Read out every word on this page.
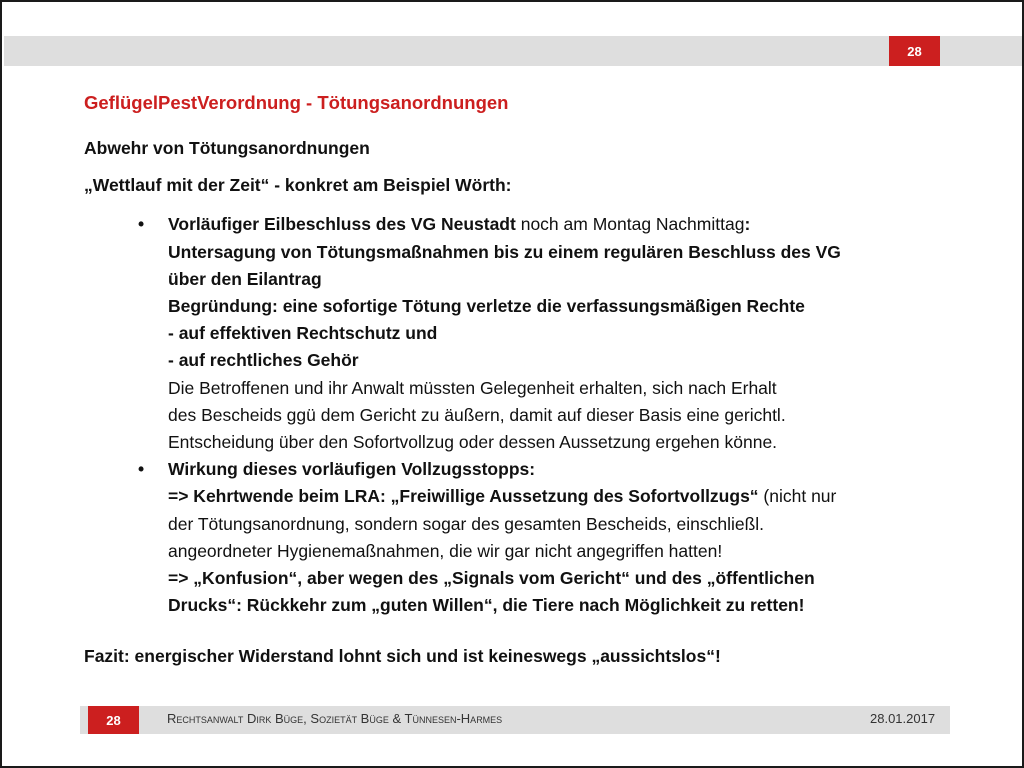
28
GeflügelPestVerordnung - Tötungsanordnungen

Abwehr von Tötungsanordnungen

„Wettlauf mit der Zeit“ - konkret am Beispiel Wörth:

• Vorläufiger Eilbeschluss des VG Neustadt noch am Montag Nachmittag:
Untersagung von Tötungsmaßnahmen bis zu einem regulären Beschluss des VG
über den Eilantrag
Begründung: eine sofortige Tötung verletze die verfassungsmäßigen Rechte
- auf effektiven Rechtschutz und
- auf rechtliches Gehör
Die Betroffenen und ihr Anwalt müssten Gelegenheit erhalten, sich nach Erhalt
des Bescheids ggü dem Gericht zu äußern, damit auf dieser Basis eine gerichtl.
Entscheidung über den Sofortvollzug oder dessen Aussetzung ergehen könne.
• Wirkung dieses vorläufigen Vollzugsstopps:
=> Kehrtwende beim LRA: „Freiwillige Aussetzung des Sofortvollzugs“ (nicht nur
der Tötungsanordnung, sondern sogar des gesamten Bescheids, einschließl.
angeordneter Hygienemaßnahmen, die wir gar nicht angegriffen hatten!
=> „Konfusion“, aber wegen des „Signals vom Gericht“ und des „öffentlichen
Drucks“: Rückkehr zum „guten Willen“, die Tiere nach Möglichkeit zu retten!

Fazit: energischer Widerstand lohnt sich und ist keineswegs „aussichtslos“!

28	Rechtsanwalt Dirk Büge, Sozietät Büge & Tünnesen-Harmes	28.01.2017
